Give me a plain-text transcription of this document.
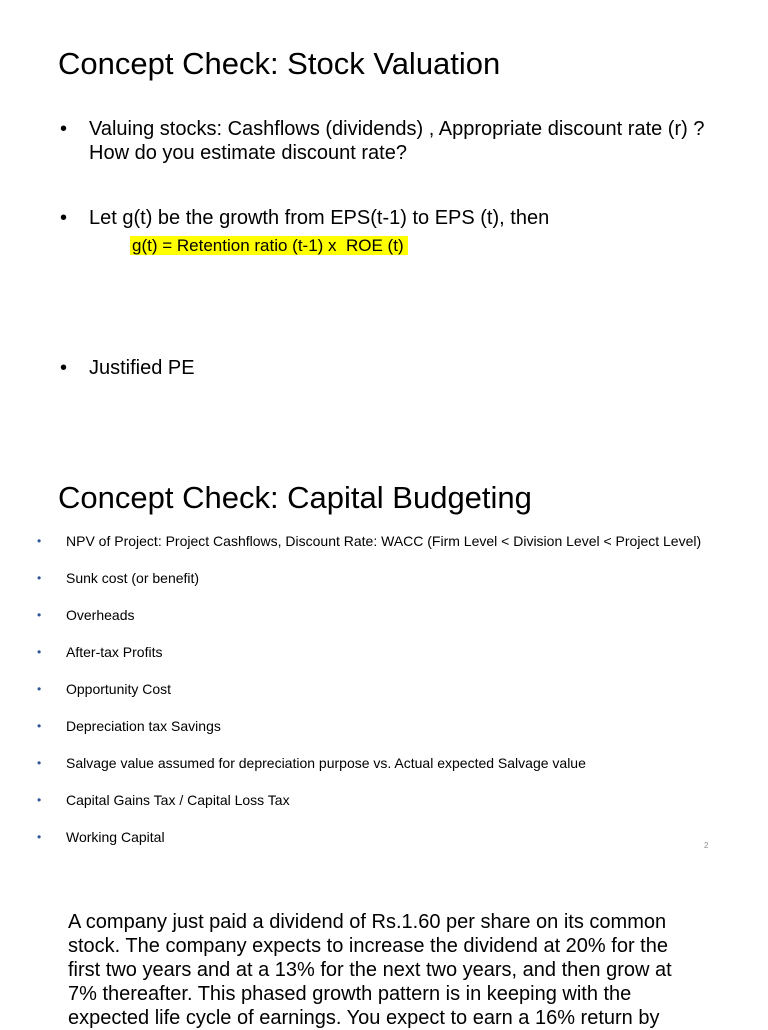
Concept Check: Stock Valuation
• Valuing stocks: Cashflows (dividends) , Appropriate discount rate (r) ?
How do you estimate discount rate?
• Let g(t) be the growth from EPS(t-1) to EPS (t), then
g(t) = Retention ratio (t-1) x  ROE (t)
• Justified PE
Concept Check: Capital Budgeting
• NPV of Project: Project Cashflows, Discount Rate: WACC (Firm Level < Division Level < Project Level)
• Sunk cost (or benefit)
• Overheads
• After-tax Profits
• Opportunity Cost
• Depreciation tax Savings
• Salvage value assumed for depreciation purpose vs. Actual expected Salvage value
• Capital Gains Tax / Capital Loss Tax
• Working Capital
2
A company just paid a dividend of Rs.1.60 per share on its common
stock. The company expects to increase the dividend at 20% for the
first two years and at a 13% for the next two years, and then grow at
7% thereafter. This phased growth pattern is in keeping with the
expected life cycle of earnings. You expect to earn a 16% return by
